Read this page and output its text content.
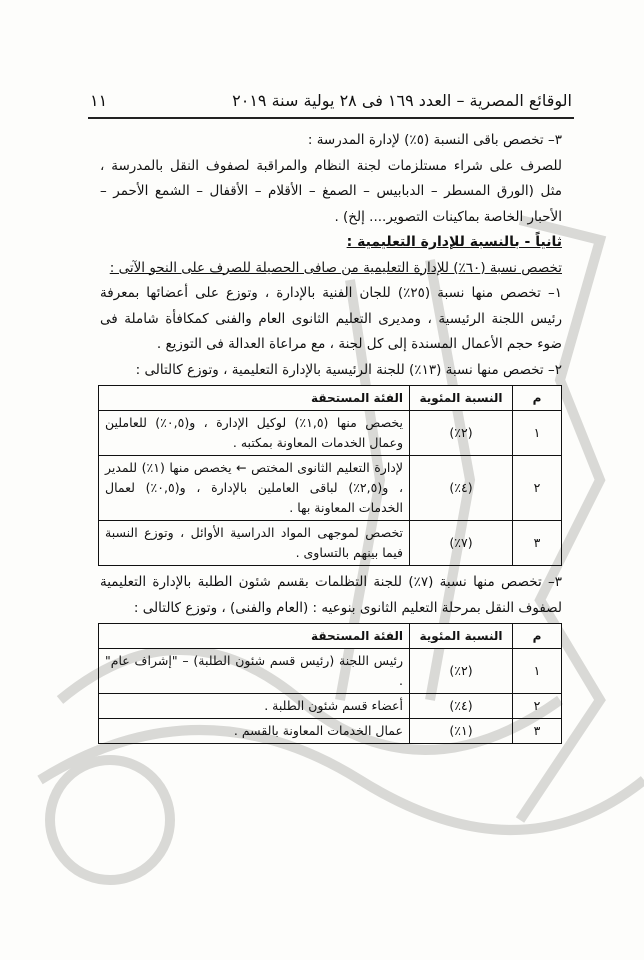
الوقائع المصرية – العدد ١٦٩ فى ٢٨ يولية سنة ٢٠١٩
١١

٣– تخصص باقى النسبة (٥٪) لإدارة المدرسة :

للصرف على شراء مستلزمات لجنة النظام والمراقبة لصفوف النقل بالمدرسة ، مثل (الورق المسطر – الدبابيس – الصمغ – الأقلام – الأقفال – الشمع الأحمر – الأحبار الخاصة بماكينات التصوير.... إلخ) .

ثانياً - بالنسبة للإدارة التعليمية :

تخصص نسبة (٦٠٪) للإدارة التعليمية من صافى الحصيلة للصرف على النحو الآتى :

١– تخصص منها نسبة (٢٥٪) للجان الفنية بالإدارة ، وتوزع على أعضائها بمعرفة رئيس اللجنة الرئيسية ، ومديرى التعليم الثانوى العام والفنى كمكافأة شاملة فى ضوء حجم الأعمال المسندة إلى كل لجنة ، مع مراعاة العدالة فى التوزيع .

٢– تخصص منها نسبة (١٣٪) للجنة الرئيسية بالإدارة التعليمية ، وتوزع كالتالى :

م	النسبة المئوية	الفئة المستحقة
١	(٢٪)	يخصص منها (١,٥٪) لوكيل الإدارة ، و(٠,٥٪) للعاملين وعمال الخدمات المعاونة بمكتبه .
٢	(٤٪)	لإدارة التعليم الثانوى المختص ← يخصص منها (١٪) للمدير ، و(٢,٥٪) لباقى العاملين بالإدارة ، و(٠,٥٪) لعمال الخدمات المعاونة بها .
٣	(٧٪)	تخصص لموجهى المواد الدراسية الأوائل ، وتوزع النسبة فيما بينهم بالتساوى .

٣– تخصص منها نسبة (٧٪) للجنة التظلمات بقسم شئون الطلبة بالإدارة التعليمية لصفوف النقل بمرحلة التعليم الثانوى بنوعيه : (العام والفنى) ، وتوزع كالتالى :

م	النسبة المئوية	الفئة المستحقة
١	(٢٪)	رئيس اللجنة (رئيس قسم شئون الطلبة) – "إشراف عام" .
٢	(٤٪)	أعضاء قسم شئون الطلبة .
٣	(١٪)	عمال الخدمات المعاونة بالقسم .
